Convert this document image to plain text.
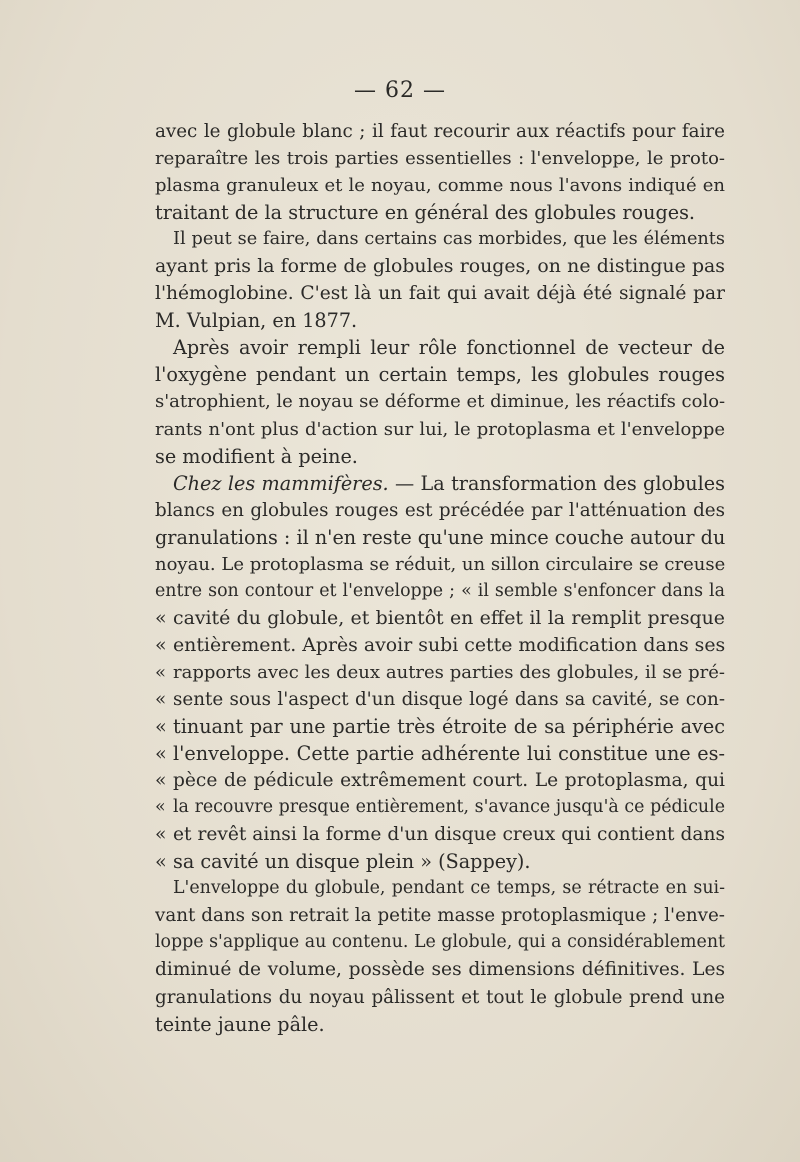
— 62 —
avec le globule blanc ; il faut recourir aux réactifs pour faire
reparaître les trois parties essentielles : l'enveloppe, le proto-
plasma granuleux et le noyau, comme nous l'avons indiqué en
traitant de la structure en général des globules rouges.
Il peut se faire, dans certains cas morbides, que les éléments
ayant pris la forme de globules rouges, on ne distingue pas
l'hémoglobine. C'est là un fait qui avait déjà été signalé par
M. Vulpian, en 1877.
Après avoir rempli leur rôle fonctionnel de vecteur de
l'oxygène pendant un certain temps, les globules rouges
s'atrophient, le noyau se déforme et diminue, les réactifs colo-
rants n'ont plus d'action sur lui, le protoplasma et l'enveloppe
se modifient à peine.
Chez les mammifères. — La transformation des globules
blancs en globules rouges est précédée par l'atténuation des
granulations : il n'en reste qu'une mince couche autour du
noyau. Le protoplasma se réduit, un sillon circulaire se creuse
entre son contour et l'enveloppe ; « il semble s'enfoncer dans la
« cavité du globule, et bientôt en effet il la remplit presque
« entièrement. Après avoir subi cette modification dans ses
« rapports avec les deux autres parties des globules, il se pré-
« sente sous l'aspect d'un disque logé dans sa cavité, se con-
« tinuant par une partie très étroite de sa périphérie avec
« l'enveloppe. Cette partie adhérente lui constitue une es-
« pèce de pédicule extrêmement court. Le protoplasma, qui
« la recouvre presque entièrement, s'avance jusqu'à ce pédicule
« et revêt ainsi la forme d'un disque creux qui contient dans
« sa cavité un disque plein » (Sappey).
L'enveloppe du globule, pendant ce temps, se rétracte en sui-
vant dans son retrait la petite masse protoplasmique ; l'enve-
loppe s'applique au contenu. Le globule, qui a considérablement
diminué de volume, possède ses dimensions définitives. Les
granulations du noyau pâlissent et tout le globule prend une
teinte jaune pâle.
